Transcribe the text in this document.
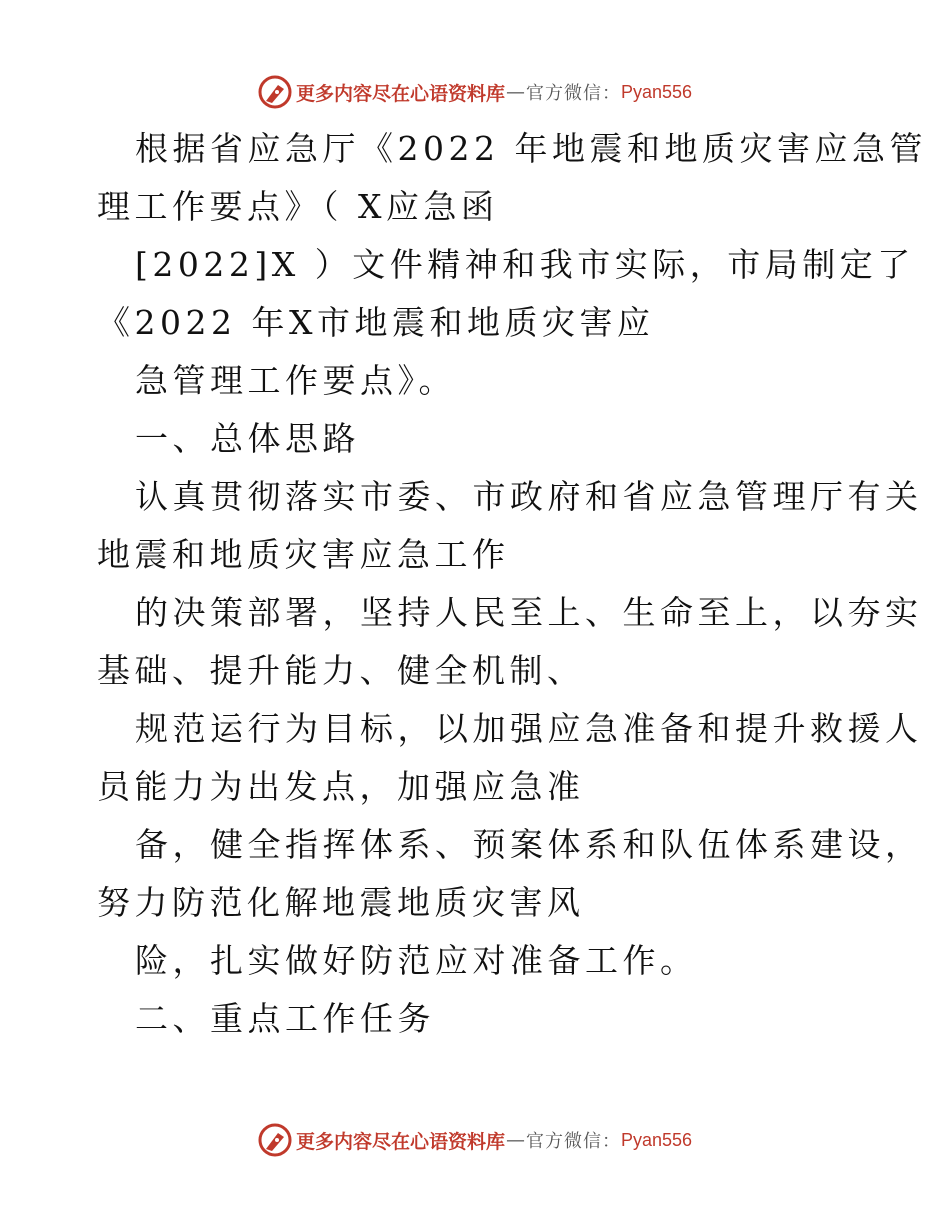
更多内容尽在心语资料库 — 官方微信： Pyan556
根据省应急厅《2022 年地震和地质灾害应急管
理工作要点》（ X应急函
[2022]X ）文件精神和我市实际，市局制定了
《2022 年X市地震和地质灾害应
急管理工作要点》。
一、总体思路
认真贯彻落实市委、市政府和省应急管理厅有关
地震和地质灾害应急工作
的决策部署，坚持人民至上、生命至上，以夯实
基础、提升能力、健全机制、
规范运行为目标，以加强应急准备和提升救援人
员能力为出发点，加强应急准
备，健全指挥体系、预案体系和队伍体系建设，
努力防范化解地震地质灾害风
险，扎实做好防范应对准备工作。
二、重点工作任务
更多内容尽在心语资料库 — 官方微信： Pyan556
